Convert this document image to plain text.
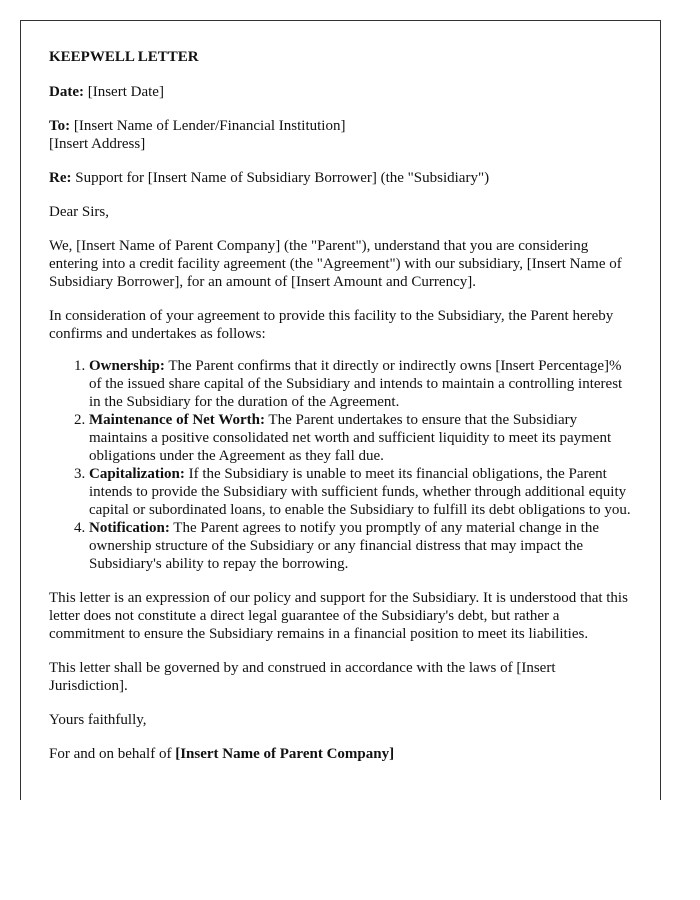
KEEPWELL LETTER

Date: [Insert Date]

To: [Insert Name of Lender/Financial Institution]
[Insert Address]

Re: Support for [Insert Name of Subsidiary Borrower] (the "Subsidiary")

Dear Sirs,

We, [Insert Name of Parent Company] (the "Parent"), understand that you are considering entering into a credit facility agreement (the "Agreement") with our subsidiary, [Insert Name of Subsidiary Borrower], for an amount of [Insert Amount and Currency].

In consideration of your agreement to provide this facility to the Subsidiary, the Parent hereby confirms and undertakes as follows:

1. Ownership: The Parent confirms that it directly or indirectly owns [Insert Percentage]% of the issued share capital of the Subsidiary and intends to maintain a controlling interest in the Subsidiary for the duration of the Agreement.
2. Maintenance of Net Worth: The Parent undertakes to ensure that the Subsidiary maintains a positive consolidated net worth and sufficient liquidity to meet its payment obligations under the Agreement as they fall due.
3. Capitalization: If the Subsidiary is unable to meet its financial obligations, the Parent intends to provide the Subsidiary with sufficient funds, whether through additional equity capital or subordinated loans, to enable the Subsidiary to fulfill its debt obligations to you.
4. Notification: The Parent agrees to notify you promptly of any material change in the ownership structure of the Subsidiary or any financial distress that may impact the Subsidiary's ability to repay the borrowing.

This letter is an expression of our policy and support for the Subsidiary. It is understood that this letter does not constitute a direct legal guarantee of the Subsidiary's debt, but rather a commitment to ensure the Subsidiary remains in a financial position to meet its liabilities.

This letter shall be governed by and construed in accordance with the laws of [Insert Jurisdiction].

Yours faithfully,

For and on behalf of [Insert Name of Parent Company]
